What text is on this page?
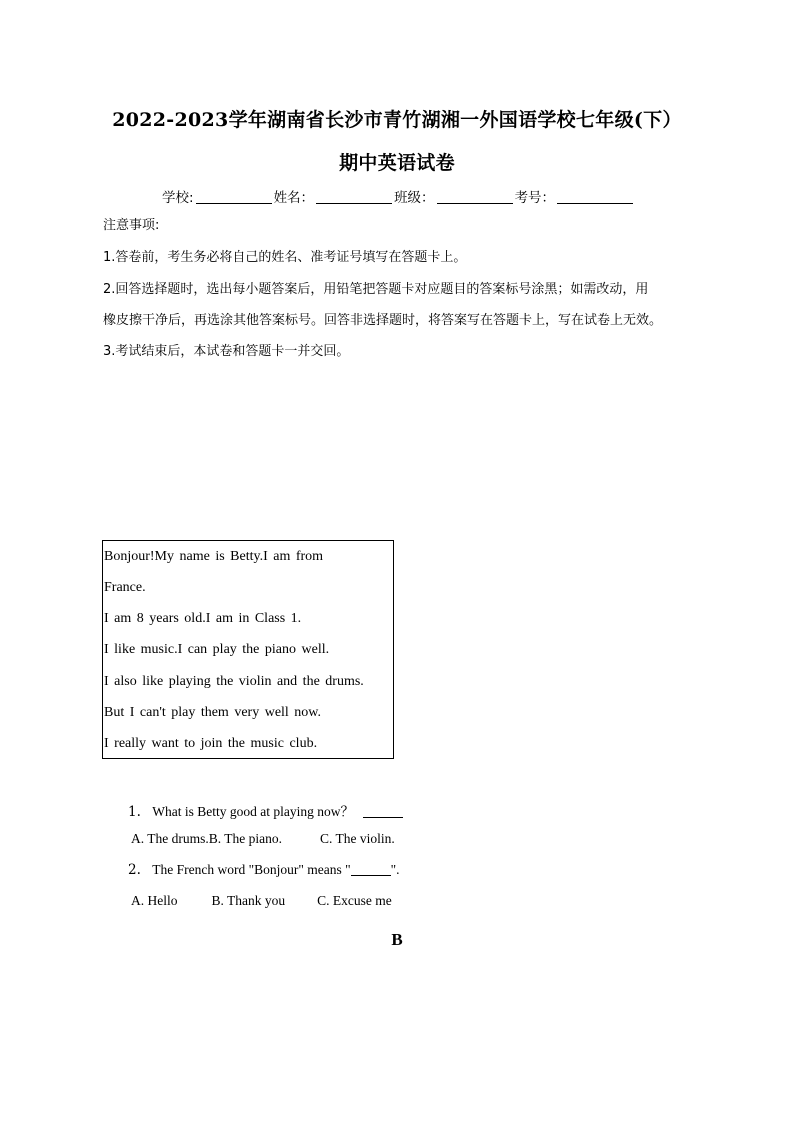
2022-2023学年湖南省长沙市青竹湖湘一外国语学校七年级(下）
期中英语试卷
学校:	姓名：	班级：	考号：
注意事项:
1.答卷前，考生务必将自己的姓名、准考证号填写在答题卡上。
2.回答选择题时，选出每小题答案后，用铅笔把答题卡对应题目的答案标号涂黑；如需改动，用
橡皮擦干净后，再选涂其他答案标号。回答非选择题时，将答案写在答题卡上，写在试卷上无效。
3.考试结束后，本试卷和答题卡一并交回。
Bonjour!My name is Betty.I am from
France.
I am 8 years old.I am in Class 1.
I like music.I can play the piano well.
I also like playing the violin and the drums.
But I can't play them very well now.
I really want to join the music club.
1. What is Betty good at playing now？
A. The drums.B. The piano.	C. The violin.
2. The French word "Bonjour" means "	".
A. Hello	B. Thank you C. Excuse me
B
